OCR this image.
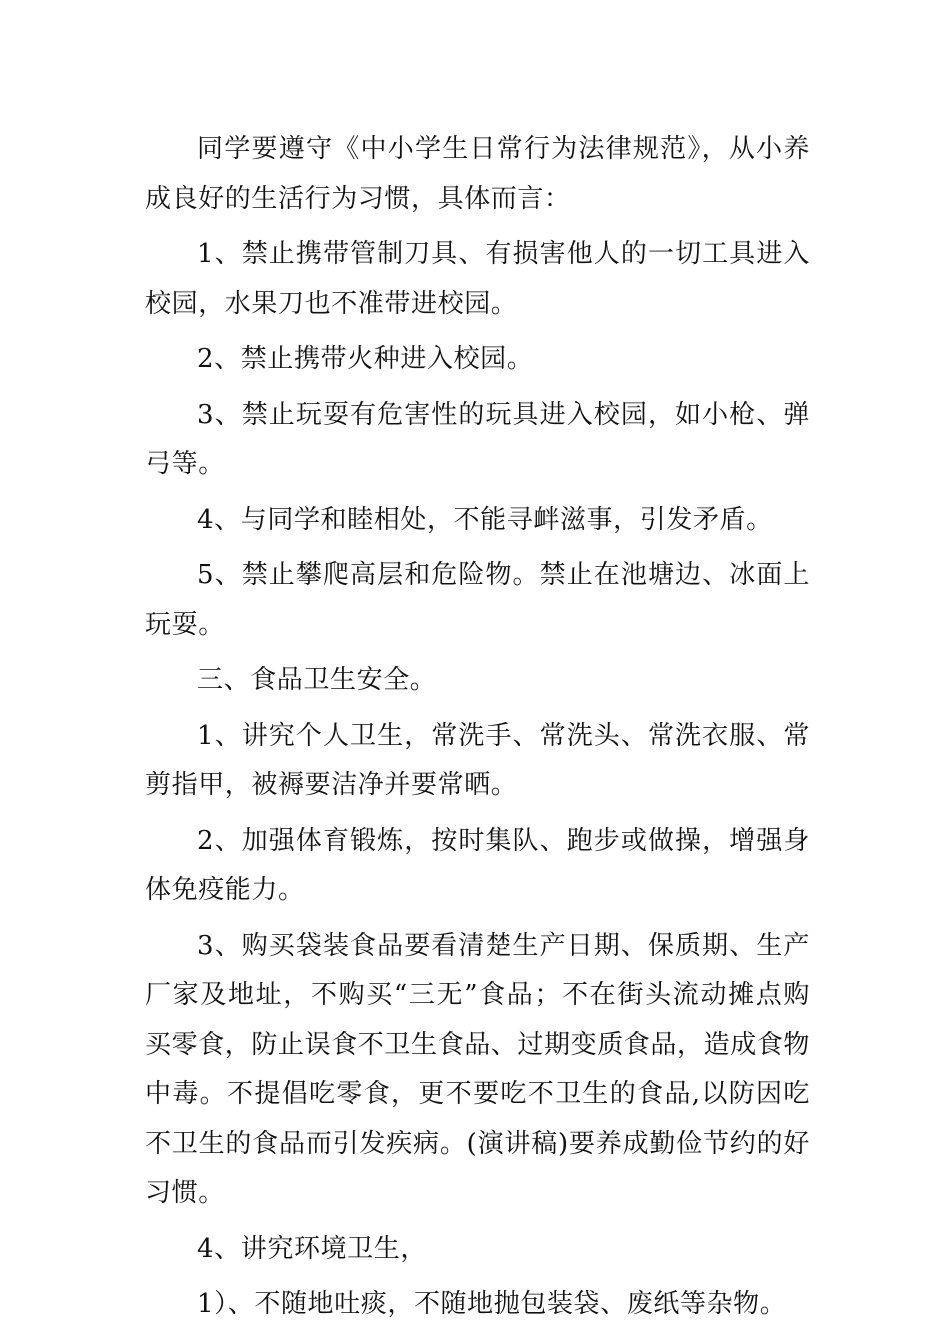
同学要遵守《中小学生日常行为法律规范》，从小养成良好的生活行为习惯，具体而言：

1、禁止携带管制刀具、有损害他人的一切工具进入校园，水果刀也不准带进校园。

2、禁止携带火种进入校园。

3、禁止玩耍有危害性的玩具进入校园，如小枪、弹弓等。

4、与同学和睦相处，不能寻衅滋事，引发矛盾。

5、禁止攀爬高层和危险物。禁止在池塘边、冰面上玩耍。

三、食品卫生安全。

1、讲究个人卫生，常洗手、常洗头、常洗衣服、常剪指甲，被褥要洁净并要常晒。

2、加强体育锻炼，按时集队、跑步或做操，增强身体免疫能力。

3、购买袋装食品要看清楚生产日期、保质期、生产厂家及地址，不购买“三无”食品；不在街头流动摊点购买零食，防止误食不卫生食品、过期变质食品，造成食物中毒。不提倡吃零食，更不要吃不卫生的食品,以防因吃不卫生的食品而引发疾病。(演讲稿)要养成勤俭节约的好习惯。

4、讲究环境卫生，

1）、不随地吐痰，不随地抛包装袋、废纸等杂物。
